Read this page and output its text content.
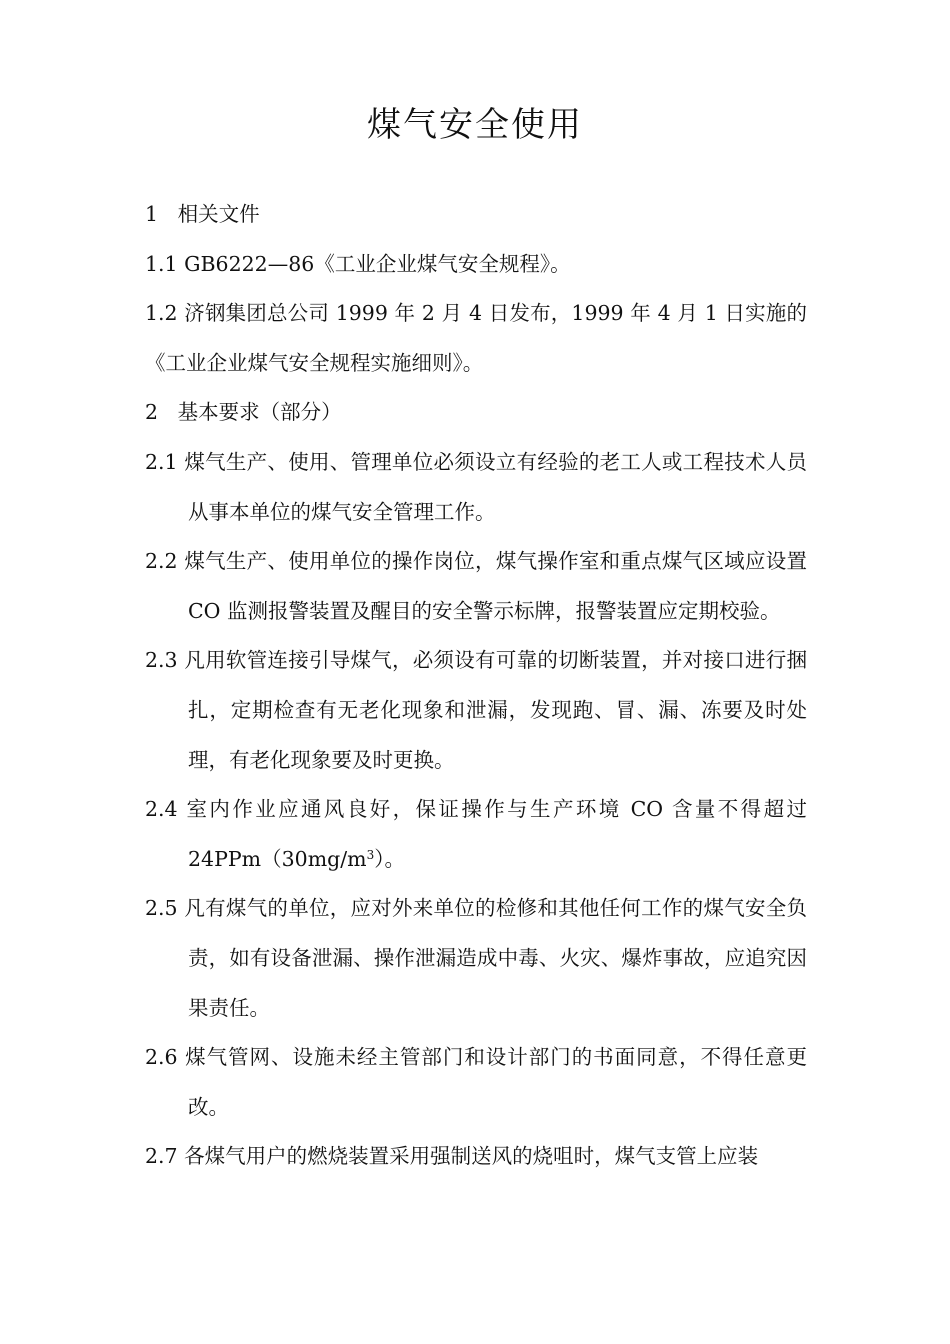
煤气安全使用
1   相关文件
1.1 GB6222—86《工业企业煤气安全规程》。
1.2 济钢集团总公司 1999 年 2 月 4 日发布，1999 年 4 月 1 日实施的《工业企业煤气安全规程实施细则》。
2   基本要求（部分）
2.1 煤气生产、使用、管理单位必须设立有经验的老工人或工程技术人员从事本单位的煤气安全管理工作。
2.2 煤气生产、使用单位的操作岗位，煤气操作室和重点煤气区域应设置 CO 监测报警装置及醒目的安全警示标牌，报警装置应定期校验。
2.3 凡用软管连接引导煤气，必须设有可靠的切断装置，并对接口进行捆扎，定期检查有无老化现象和泄漏，发现跑、冒、漏、冻要及时处理，有老化现象要及时更换。
2.4 室内作业应通风良好，保证操作与生产环境 CO 含量不得超过 $24PPm(30mg/m^3)$。
2.5 凡有煤气的单位，应对外来单位的检修和其他任何工作的煤气安全负责，如有设备泄漏、操作泄漏造成中毒、火灾、爆炸事故，应追究因果责任。
2.6 煤气管网、设施未经主管部门和设计部门的书面同意，不得任意更改。
2.7 各煤气用户的燃烧装置采用强制送风的烧咀时，煤气支管上应装
